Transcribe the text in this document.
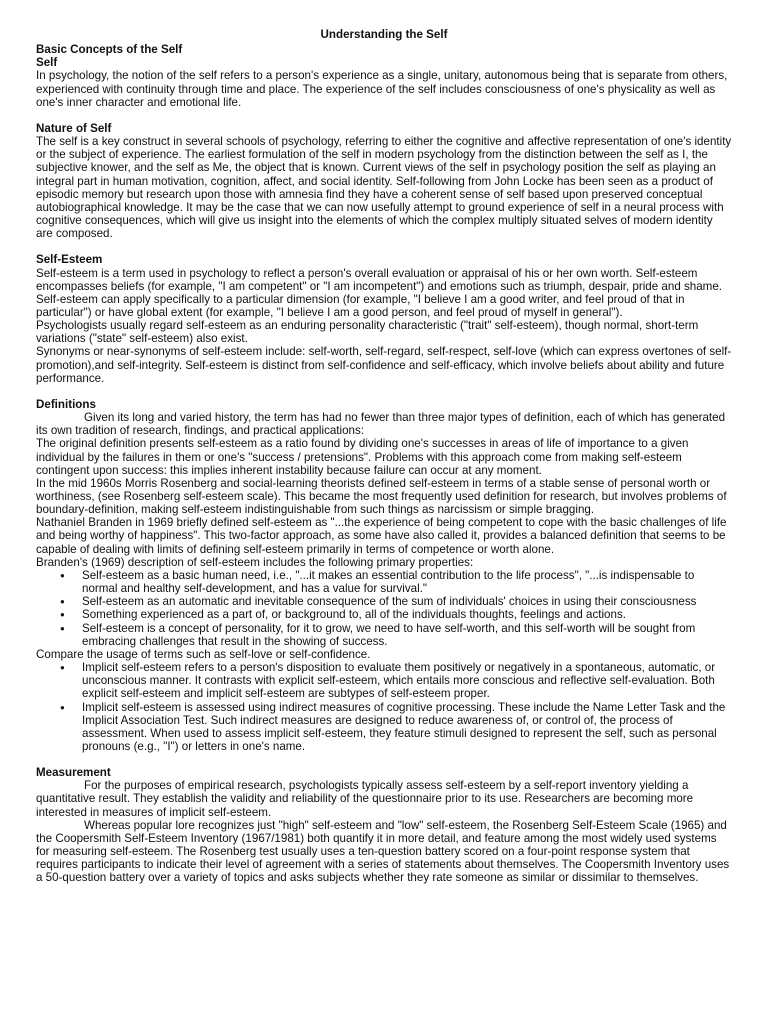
Understanding the Self
Basic Concepts of the Self
Self
In psychology, the notion of the self refers to a person's experience as a single, unitary, autonomous being that is separate from others, experienced with continuity through time and place. The experience of the self includes consciousness of one's physicality as well as one's inner character and emotional life.
Nature of Self
The self is a key construct in several schools of psychology, referring to either the cognitive and affective representation of one's identity or the subject of experience. The earliest formulation of the self in modern psychology from the distinction between the self as I, the subjective knower, and the self as Me, the object that is known. Current views of the self in psychology position the self as playing an integral part in human motivation, cognition, affect, and social identity. Self-following from John Locke has been seen as a product of episodic memory but research upon those with amnesia find they have a coherent sense of self based upon preserved conceptual autobiographical knowledge. It may be the case that we can now usefully attempt to ground experience of self in a neural process with cognitive consequences, which will give us insight into the elements of which the complex multiply situated selves of modern identity are composed.
Self-Esteem
Self-esteem is a term used in psychology to reflect a person's overall evaluation or appraisal of his or her own worth. Self-esteem encompasses beliefs (for example, "I am competent" or "I am incompetent") and emotions such as triumph, despair, pride and shame. Self-esteem can apply specifically to a particular dimension (for example, "I believe I am a good writer, and feel proud of that in particular") or have global extent (for example, "I believe I am a good person, and feel proud of myself in general").
Psychologists usually regard self-esteem as an enduring personality characteristic ("trait" self-esteem), though normal, short-term variations ("state" self-esteem) also exist.
Synonyms or near-synonyms of self-esteem include: self-worth, self-regard, self-respect, self-love (which can express overtones of self-promotion),and self-integrity. Self-esteem is distinct from self-confidence and self-efficacy, which involve beliefs about ability and future performance.
Definitions
Given its long and varied history, the term has had no fewer than three major types of definition, each of which has generated its own tradition of research, findings, and practical applications:
The original definition presents self-esteem as a ratio found by dividing one's successes in areas of life of importance to a given individual by the failures in them or one's "success / pretensions". Problems with this approach come from making self-esteem contingent upon success: this implies inherent instability because failure can occur at any moment.
In the mid 1960s Morris Rosenberg and social-learning theorists defined self-esteem in terms of a stable sense of personal worth or worthiness, (see Rosenberg self-esteem scale). This became the most frequently used definition for research, but involves problems of boundary-definition, making self-esteem indistinguishable from such things as narcissism or simple bragging.
Nathaniel Branden in 1969 briefly defined self-esteem as "...the experience of being competent to cope with the basic challenges of life and being worthy of happiness". This two-factor approach, as some have also called it, provides a balanced definition that seems to be capable of dealing with limits of defining self-esteem primarily in terms of competence or worth alone.
Branden's (1969) description of self-esteem includes the following primary properties:
● Self-esteem as a basic human need, i.e., "...it makes an essential contribution to the life process", "...is indispensable to normal and healthy self-development, and has a value for survival."
● Self-esteem as an automatic and inevitable consequence of the sum of individuals' choices in using their consciousness
● Something experienced as a part of, or background to, all of the individuals thoughts, feelings and actions.
● Self-esteem is a concept of personality, for it to grow, we need to have self-worth, and this self-worth will be sought from embracing challenges that result in the showing of success.
Compare the usage of terms such as self-love or self-confidence.
● Implicit self-esteem refers to a person's disposition to evaluate them positively or negatively in a spontaneous, automatic, or unconscious manner. It contrasts with explicit self-esteem, which entails more conscious and reflective self-evaluation. Both explicit self-esteem and implicit self-esteem are subtypes of self-esteem proper.
● Implicit self-esteem is assessed using indirect measures of cognitive processing. These include the Name Letter Task and the Implicit Association Test. Such indirect measures are designed to reduce awareness of, or control of, the process of assessment. When used to assess implicit self-esteem, they feature stimuli designed to represent the self, such as personal pronouns (e.g., "I") or letters in one's name.
Measurement
For the purposes of empirical research, psychologists typically assess self-esteem by a self-report inventory yielding a quantitative result. They establish the validity and reliability of the questionnaire prior to its use. Researchers are becoming more interested in measures of implicit self-esteem.
Whereas popular lore recognizes just "high" self-esteem and "low" self-esteem, the Rosenberg Self-Esteem Scale (1965) and the Coopersmith Self-Esteem Inventory (1967/1981) both quantify it in more detail, and feature among the most widely used systems for measuring self-esteem. The Rosenberg test usually uses a ten-question battery scored on a four-point response system that requires participants to indicate their level of agreement with a series of statements about themselves. The Coopersmith Inventory uses a 50-question battery over a variety of topics and asks subjects whether they rate someone as similar or dissimilar to themselves.
